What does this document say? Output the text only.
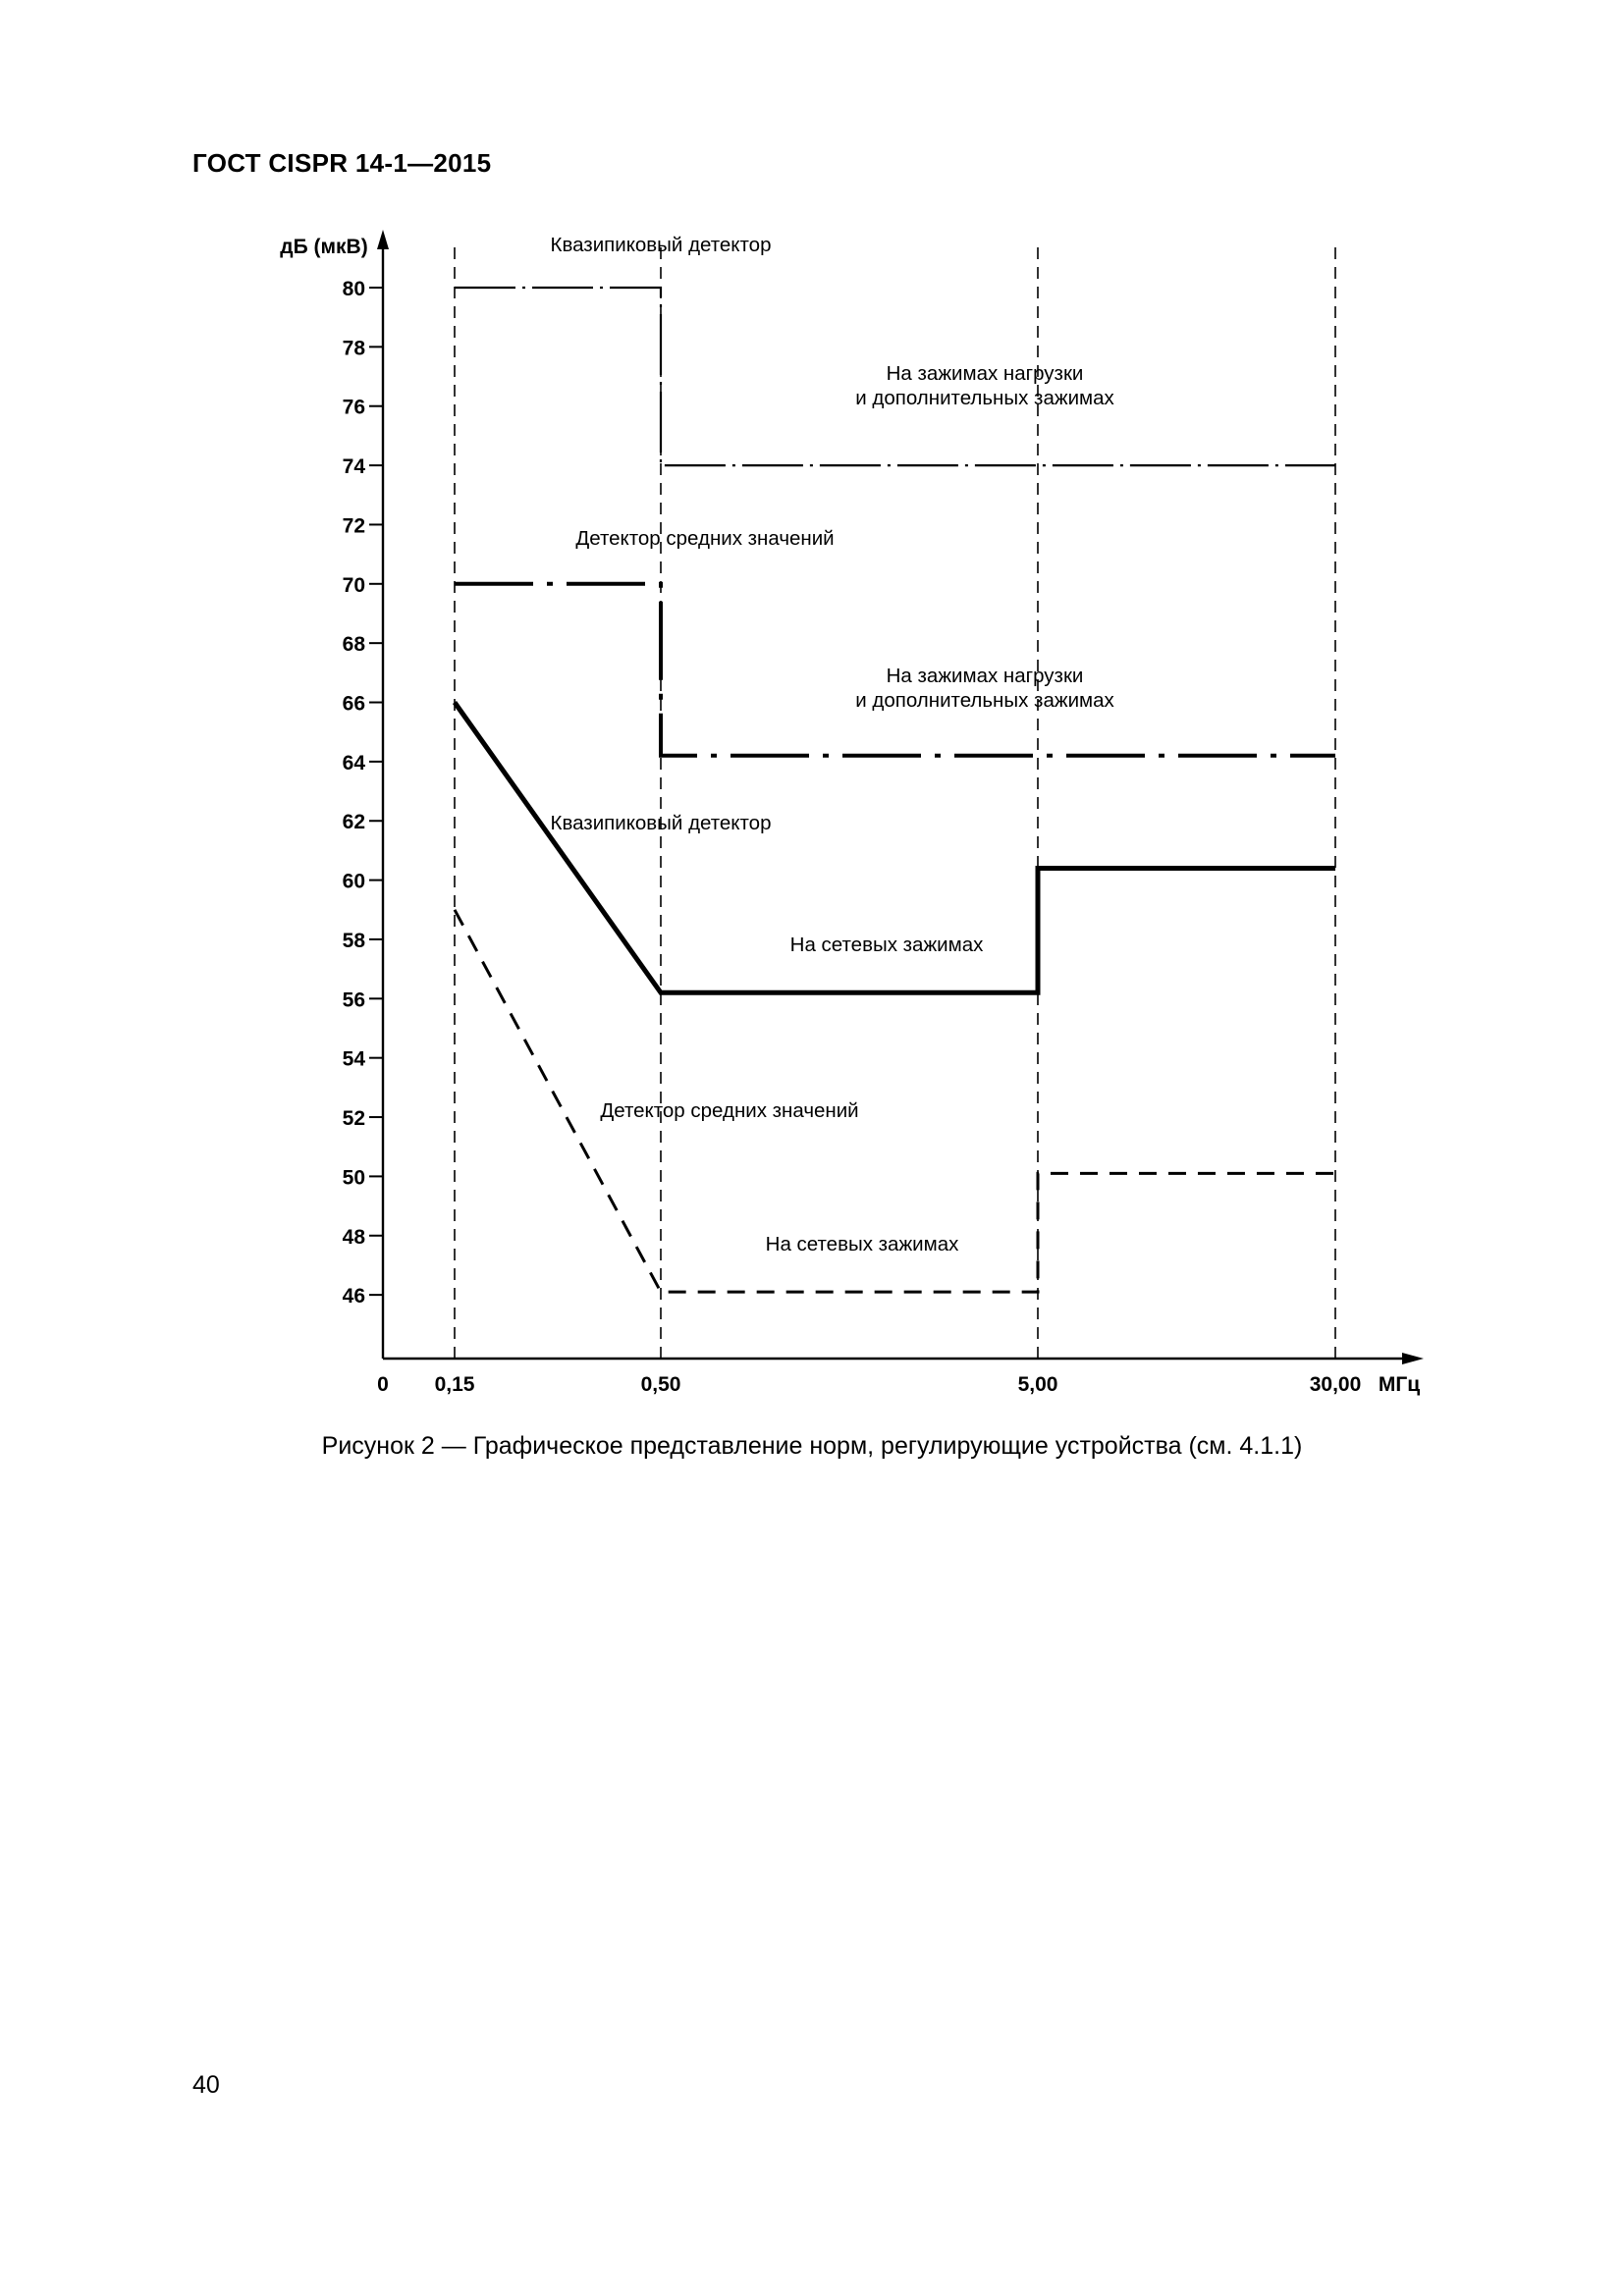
ГОСТ CISPR 14-1—2015
дБ (мкВ)
46
48
50
52
54
56
58
60
62
64
66
68
70
72
74
76
78
80
0 0,15	0,50	5,00	30,00 МГц
Квазипиковый детектор
На зажимах нагрузки
и дополнительных зажимах
Детектор средних значений
На зажимах нагрузки
и дополнительных зажимах
Квазипиковый детектор
На сетевых зажимах
Детектор средних значений
На сетевых зажимах
Рисунок 2 — Графическое представление норм, регулирующие устройства (см. 4.1.1)
40
